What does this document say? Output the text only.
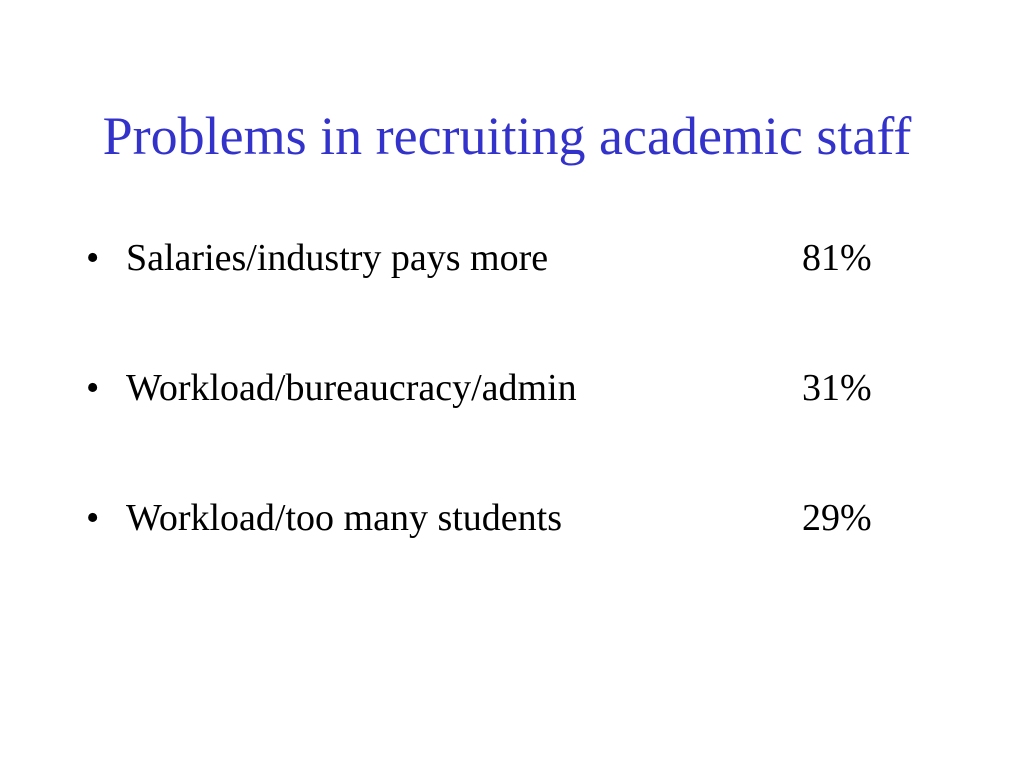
Problems in recruiting academic staff
• Salaries/industry pays more	81%
• Workload/bureaucracy/admin	31%
• Workload/too many students	29%
